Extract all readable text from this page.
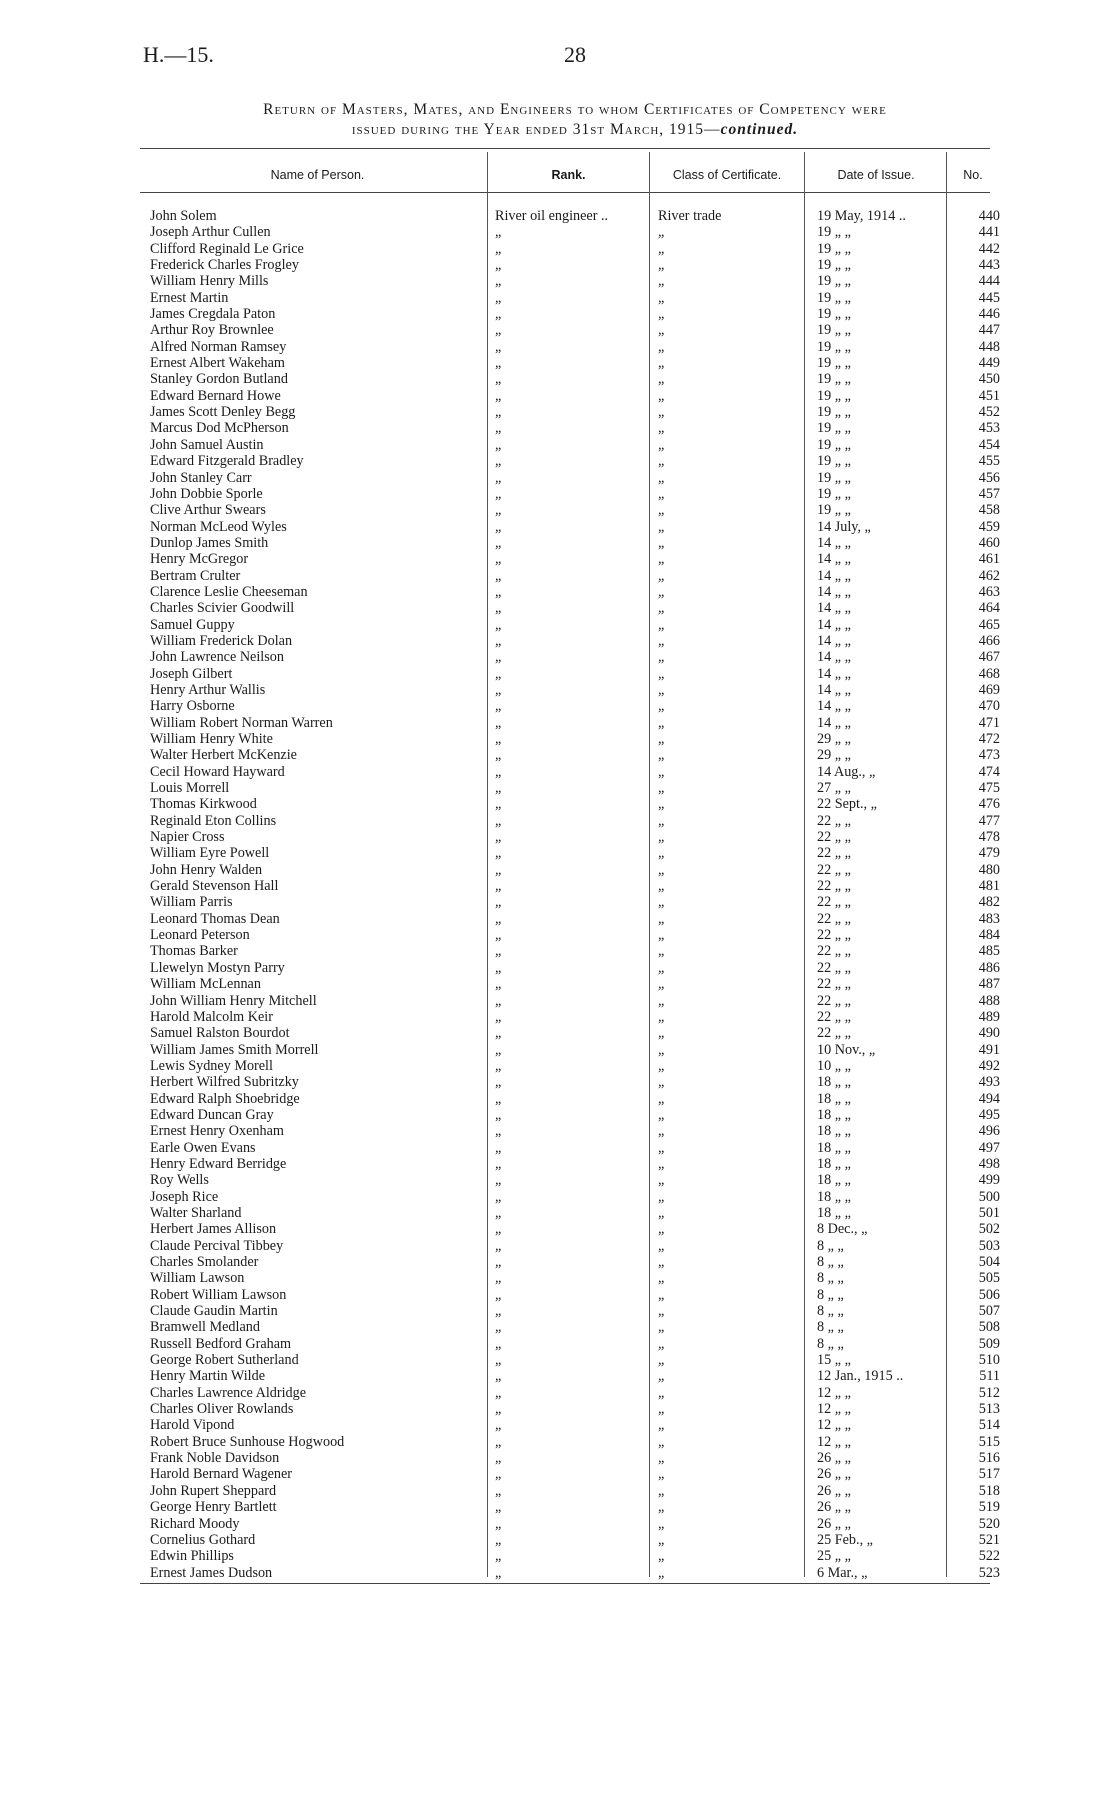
H.—15.	28
Return of Masters, Mates, and Engineers to whom Certificates of Competency were
issued during the Year ended 31st March, 1915—continued.
Name of Person.	Rank.	Class of Certificate.	Date of Issue.	No.
John Solem	River oil engineer ..	River trade	19 May, 1914 ..	440
Joseph Arthur Cullen	„	„	19 „ „	441
Clifford Reginald Le Grice	„	„	19 „ „	442
Frederick Charles Frogley	„	„	19 „ „	443
William Henry Mills	„	„	19 „ „	444
Ernest Martin	„	„	19 „ „	445
James Cregdala Paton	„	„	19 „ „	446
Arthur Roy Brownlee	„	„	19 „ „	447
Alfred Norman Ramsey	„	„	19 „ „	448
Ernest Albert Wakeham	„	„	19 „ „	449
Stanley Gordon Butland	„	„	19 „ „	450
Edward Bernard Howe	„	„	19 „ „	451
James Scott Denley Begg	„	„	19 „ „	452
Marcus Dod McPherson	„	„	19 „ „	453
John Samuel Austin	„	„	19 „ „	454
Edward Fitzgerald Bradley	„	„	19 „ „	455
John Stanley Carr	„	„	19 „ „	456
John Dobbie Sporle	„	„	19 „ „	457
Clive Arthur Swears	„	„	19 „ „	458
Norman McLeod Wyles	„	„	14 July, „	459
Dunlop James Smith	„	„	14 „ „	460
Henry McGregor	„	„	14 „ „	461
Bertram Crulter	„	„	14 „ „	462
Clarence Leslie Cheeseman	„	„	14 „ „	463
Charles Scivier Goodwill	„	„	14 „ „	464
Samuel Guppy	„	„	14 „ „	465
William Frederick Dolan	„	„	14 „ „	466
John Lawrence Neilson	„	„	14 „ „	467
Joseph Gilbert	„	„	14 „ „	468
Henry Arthur Wallis	„	„	14 „ „	469
Harry Osborne	„	„	14 „ „	470
William Robert Norman Warren	„	„	14 „ „	471
William Henry White	„	„	29 „ „	472
Walter Herbert McKenzie	„	„	29 „ „	473
Cecil Howard Hayward	„	„	14 Aug., „	474
Louis Morrell	„	„	27 „ „	475
Thomas Kirkwood	„	„	22 Sept., „	476
Reginald Eton Collins	„	„	22 „ „	477
Napier Cross	„	„	22 „ „	478
William Eyre Powell	„	„	22 „ „	479
John Henry Walden	„	„	22 „ „	480
Gerald Stevenson Hall	„	„	22 „ „	481
William Parris	„	„	22 „ „	482
Leonard Thomas Dean	„	„	22 „ „	483
Leonard Peterson	„	„	22 „ „	484
Thomas Barker	„	„	22 „ „	485
Llewelyn Mostyn Parry	„	„	22 „ „	486
William McLennan	„	„	22 „ „	487
John William Henry Mitchell	„	„	22 „ „	488
Harold Malcolm Keir	„	„	22 „ „	489
Samuel Ralston Bourdot	„	„	22 „ „	490
William James Smith Morrell	„	„	10 Nov., „	491
Lewis Sydney Morell	„	„	10 „ „	492
Herbert Wilfred Subritzky	„	„	18 „ „	493
Edward Ralph Shoebridge	„	„	18 „ „	494
Edward Duncan Gray	„	„	18 „ „	495
Ernest Henry Oxenham	„	„	18 „ „	496
Earle Owen Evans	„	„	18 „ „	497
Henry Edward Berridge	„	„	18 „ „	498
Roy Wells	„	„	18 „ „	499
Joseph Rice	„	„	18 „ „	500
Walter Sharland	„	„	18 „ „	501
Herbert James Allison	„	„	8 Dec., „	502
Claude Percival Tibbey	„	„	8 „ „	503
Charles Smolander	„	„	8 „ „	504
William Lawson	„	„	8 „ „	505
Robert William Lawson	„	„	8 „ „	506
Claude Gaudin Martin	„	„	8 „ „	507
Bramwell Medland	„	„	8 „ „	508
Russell Bedford Graham	„	„	8 „ „	509
George Robert Sutherland	„	„	15 „ „	510
Henry Martin Wilde	„	„	12 Jan., 1915 ..	511
Charles Lawrence Aldridge	„	„	12 „ „	512
Charles Oliver Rowlands	„	„	12 „ „	513
Harold Vipond	„	„	12 „ „	514
Robert Bruce Sunhouse Hogwood	„	„	12 „ „	515
Frank Noble Davidson	„	„	26 „ „	516
Harold Bernard Wagener	„	„	26 „ „	517
John Rupert Sheppard	„	„	26 „ „	518
George Henry Bartlett	„	„	26 „ „	519
Richard Moody	„	„	26 „ „	520
Cornelius Gothard	„	„	25 Feb., „	521
Edwin Phillips	„	„	25 „ „	522
Ernest James Dudson	„	„	6 Mar., „	523
